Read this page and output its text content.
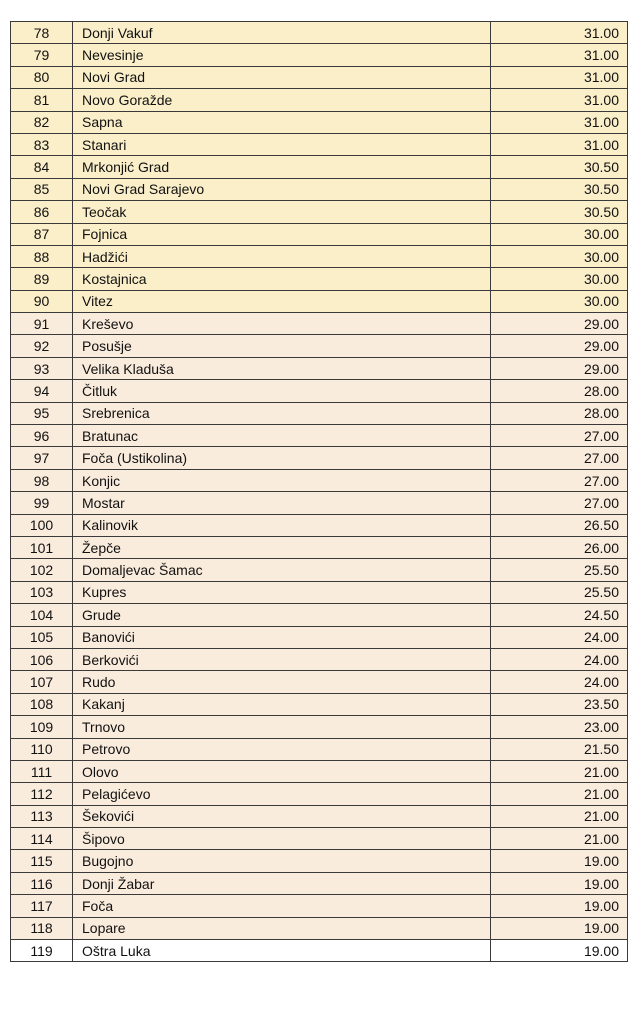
78	Donji Vakuf	31.00
79	Nevesinje	31.00
80	Novi Grad	31.00
81	Novo Goražde	31.00
82	Sapna	31.00
83	Stanari	31.00
84	Mrkonjić Grad	30.50
85	Novi Grad Sarajevo	30.50
86	Teočak	30.50
87	Fojnica	30.00
88	Hadžići	30.00
89	Kostajnica	30.00
90	Vitez	30.00
91	Kreševo	29.00
92	Posušje	29.00
93	Velika Kladuša	29.00
94	Čitluk	28.00
95	Srebrenica	28.00
96	Bratunac	27.00
97	Foča (Ustikolina)	27.00
98	Konjic	27.00
99	Mostar	27.00
100	Kalinovik	26.50
101	Žepče	26.00
102	Domaljevac Šamac	25.50
103	Kupres	25.50
104	Grude	24.50
105	Banovići	24.00
106	Berkovići	24.00
107	Rudo	24.00
108	Kakanj	23.50
109	Trnovo	23.00
110	Petrovo	21.50
111	Olovo	21.00
112	Pelagićevo	21.00
113	Šekovići	21.00
114	Šipovo	21.00
115	Bugojno	19.00
116	Donji Žabar	19.00
117	Foča	19.00
118	Lopare	19.00
119	Oštra Luka	19.00
